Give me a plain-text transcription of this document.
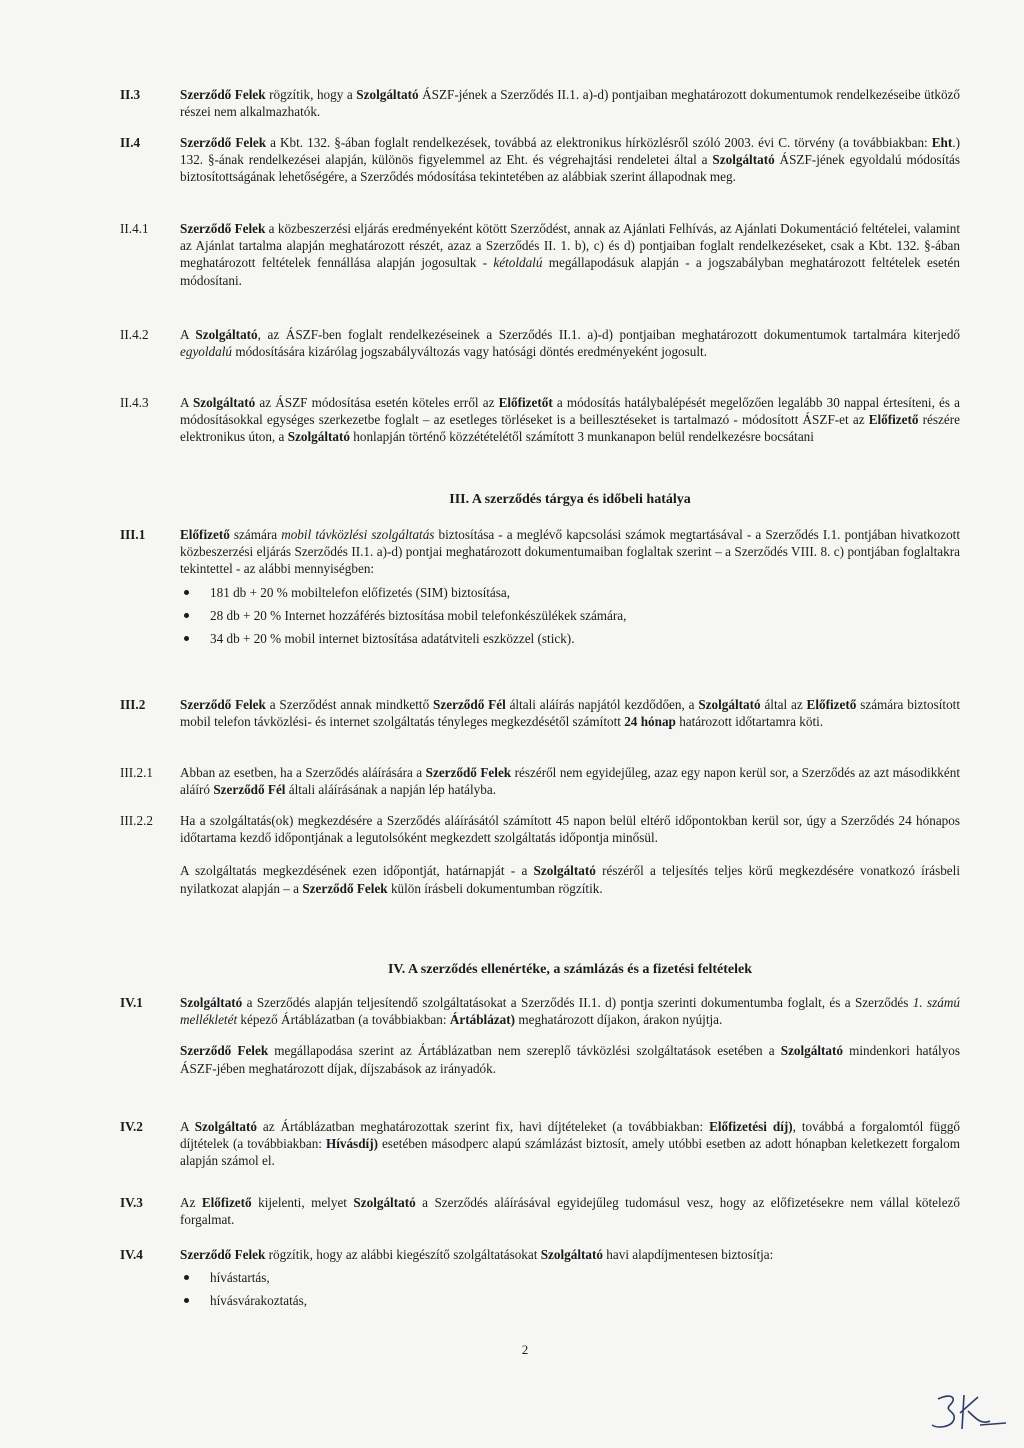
II.3	Szerződő Felek rögzítik, hogy a Szolgáltató ÁSZF-jének a Szerződés II.1. a)-d) pontjaiban meghatározott dokumentumok rendelkezéseibe ütköző részei nem alkalmazhatók.
II.4	Szerződő Felek a Kbt. 132. §-ában foglalt rendelkezések, továbbá az elektronikus hírközlésről szóló 2003. évi C. törvény (a továbbiakban: Eht.) 132. §-ának rendelkezései alapján, különös figyelemmel az Eht. és végrehajtási rendeletei által a Szolgáltató ÁSZF-jének egyoldalú módosítás biztosítottságának lehetőségére, a Szerződés módosítása tekintetében az alábbiak szerint állapodnak meg.
II.4.1	Szerződő Felek a közbeszerzési eljárás eredményeként kötött Szerződést, annak az Ajánlati Felhívás, az Ajánlati Dokumentáció feltételei, valamint az Ajánlat tartalma alapján meghatározott részét, azaz a Szerződés II. 1. b), c) és d) pontjaiban foglalt rendelkezéseket, csak a Kbt. 132. §-ában meghatározott feltételek fennállása alapján jogosultak - kétoldalú megállapodásuk alapján - a jogszabályban meghatározott feltételek esetén módosítani.
II.4.2	A Szolgáltató, az ÁSZF-ben foglalt rendelkezéseinek a Szerződés II.1. a)-d) pontjaiban meghatározott dokumentumok tartalmára kiterjedő egyoldalú módosítására kizárólag jogszabályváltozás vagy hatósági döntés eredményeként jogosult.
II.4.3	A Szolgáltató az ÁSZF módosítása esetén köteles erről az Előfizetőt a módosítás hatálybalépését megelőzően legalább 30 nappal értesíteni, és a módosításokkal egységes szerkezetbe foglalt – az esetleges törléseket is a beillesztéseket is tartalmazó - módosított ÁSZF-et az Előfizető részére elektronikus úton, a Szolgáltató honlapján történő közzétételétől számított 3 munkanapon belül rendelkezésre bocsátani
III. A szerződés tárgya és időbeli hatálya
III.1	Előfizető számára mobil távközlési szolgáltatás biztosítása - a meglévő kapcsolási számok megtartásával - a Szerződés I.1. pontjában hivatkozott közbeszerzési eljárás Szerződés II.1. a)-d) pontjai meghatározott dokumentumaiban foglaltak szerint – a Szerződés VIII. 8. c) pontjában foglaltakra tekintettel - az alábbi mennyiségben:

181 db + 20 % mobiltelefon előfizetés (SIM) biztosítása,
28 db + 20 % Internet hozzáférés biztosítása mobil telefonkészülékek számára,
34 db + 20 % mobil internet biztosítása adatátviteli eszközzel (stick).
III.2	Szerződő Felek a Szerződést annak mindkettő Szerződő Fél általi aláírás napjától kezdődően, a Szolgáltató által az Előfizető számára biztosított mobil telefon távközlési- és internet szolgáltatás tényleges megkezdésétől számított 24 hónap határozott időtartamra köti.
III.2.1	Abban az esetben, ha a Szerződés aláírására a Szerződő Felek részéről nem egyidejűleg, azaz egy napon kerül sor, a Szerződés az azt másodikként aláíró Szerződő Fél általi aláírásának a napján lép hatályba.
III.2.2	Ha a szolgáltatás(ok) megkezdésére a Szerződés aláírásától számított 45 napon belül eltérő időpontokban kerül sor, úgy a Szerződés 24 hónapos időtartama kezdő időpontjának a legutolsóként megkezdett szolgáltatás időpontja minősül.

A szolgáltatás megkezdésének ezen időpontját, határnapját - a Szolgáltató részéről a teljesítés teljes körű megkezdésére vonatkozó írásbeli nyilatkozat alapján – a Szerződő Felek külön írásbeli dokumentumban rögzítik.

IV. A szerződés ellenértéke, a számlázás és a fizetési feltételek
IV.1	Szolgáltató a Szerződés alapján teljesítendő szolgáltatásokat a Szerződés II.1. d) pontja szerinti dokumentumba foglalt, és a Szerződés 1. számú mellékletét képező Ártáblázatban (a továbbiakban: Ártáblázat) meghatározott díjakon, árakon nyújtja.

Szerződő Felek megállapodása szerint az Ártáblázatban nem szereplő távközlési szolgáltatások esetében a Szolgáltató mindenkori hatályos ÁSZF-jében meghatározott díjak, díjszabások az irányadók.

IV.2	A Szolgáltató az Ártáblázatban meghatározottak szerint fix, havi díjtételeket (a továbbiakban: Előfizetési díj), továbbá a forgalomtól függő díjtételek (a továbbiakban: Hívásdíj) esetében másodperc alapú számlázást biztosít, amely utóbbi esetben az adott hónapban keletkezett forgalom alapján számol el.
IV.3	Az Előfizető kijelenti, melyet Szolgáltató a Szerződés aláírásával egyidejűleg tudomásul vesz, hogy az előfizetésekre nem vállal kötelező forgalmat.
IV.4	Szerződő Felek rögzítik, hogy az alábbi kiegészítő szolgáltatásokat Szolgáltató havi alapdíjmentesen biztosítja:

hívástartás,
hívásvárakoztatás,
2
